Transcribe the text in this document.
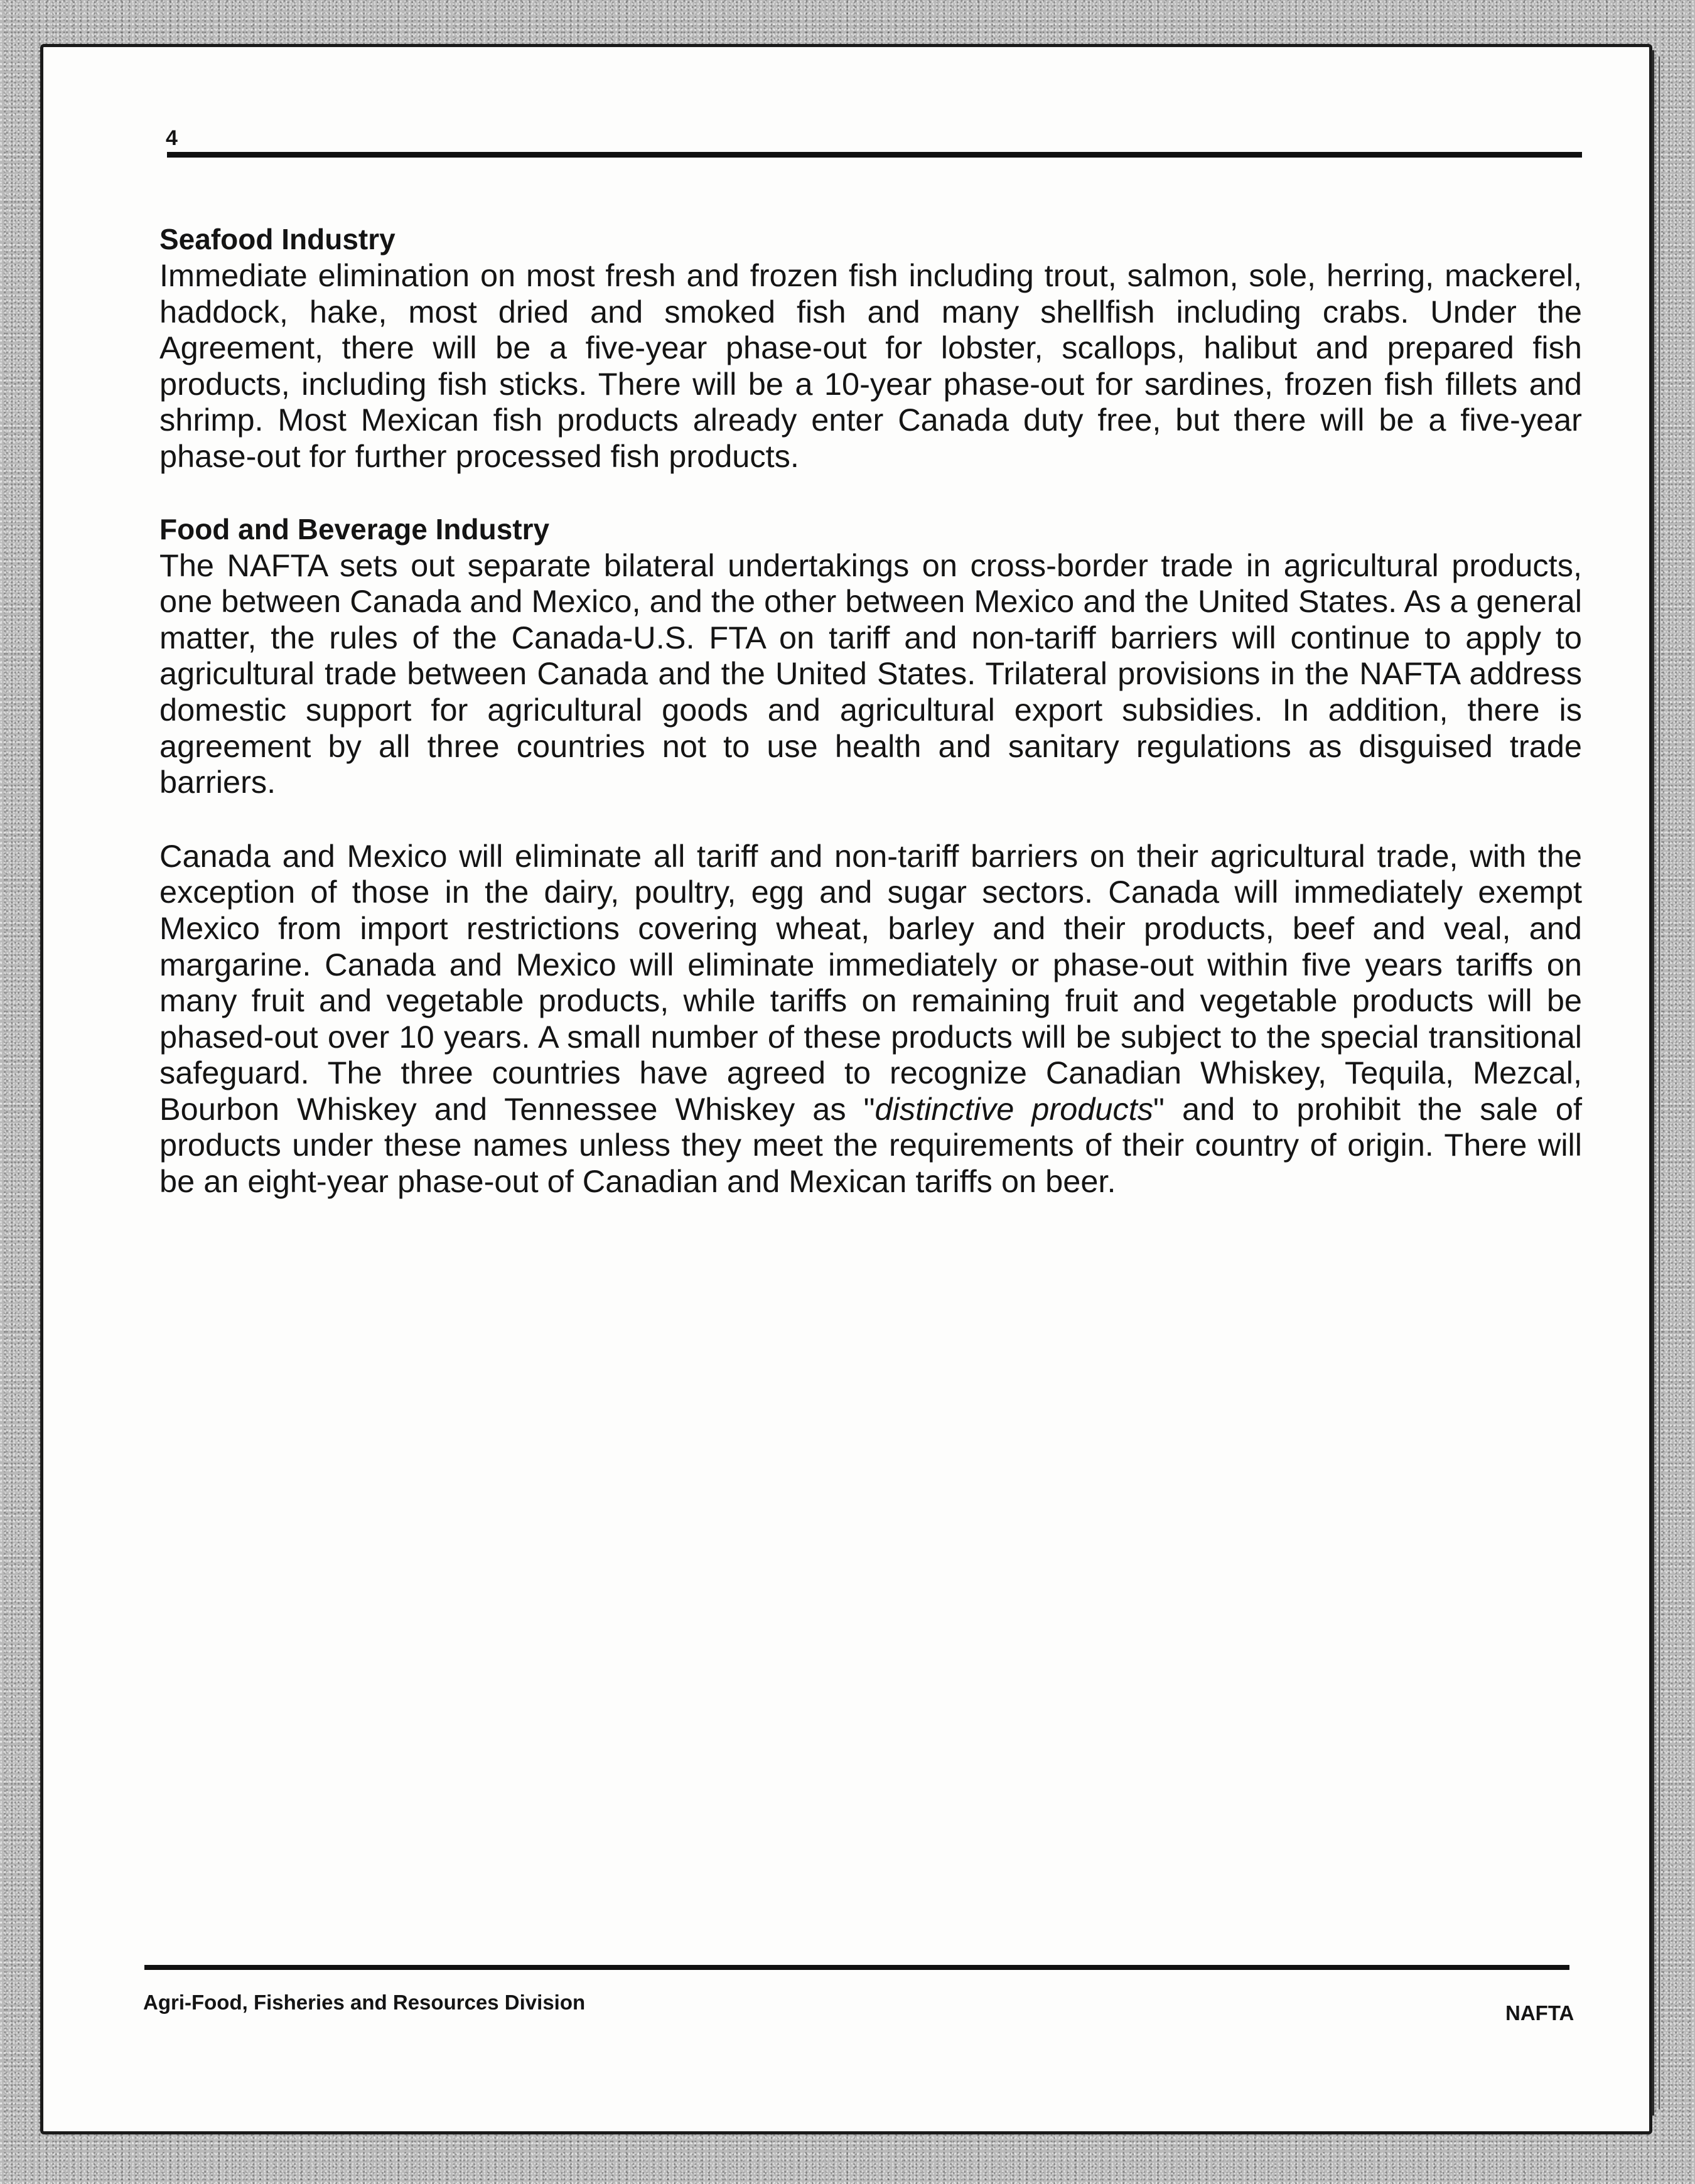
4
Seafood Industry

Immediate elimination on most fresh and frozen fish including trout, salmon, sole, herring, mackerel, haddock, hake, most dried and smoked fish and many shellfish including crabs. Under the Agreement, there will be a five-year phase-out for lobster, scallops, halibut and prepared fish products, including fish sticks. There will be a 10-year phase-out for sardines, frozen fish fillets and shrimp. Most Mexican fish products already enter Canada duty free, but there will be a five-year phase-out for further processed fish products.

Food and Beverage Industry

The NAFTA sets out separate bilateral undertakings on cross-border trade in agricultural products, one between Canada and Mexico, and the other between Mexico and the United States. As a general matter, the rules of the Canada-U.S. FTA on tariff and non-tariff barriers will continue to apply to agricultural trade between Canada and the United States. Trilateral provisions in the NAFTA address domestic support for agricultural goods and agricultural export subsidies. In addition, there is agreement by all three countries not to use health and sanitary regulations as disguised trade barriers.

Canada and Mexico will eliminate all tariff and non-tariff barriers on their agricultural trade, with the exception of those in the dairy, poultry, egg and sugar sectors. Canada will immediately exempt Mexico from import restrictions covering wheat, barley and their products, beef and veal, and margarine. Canada and Mexico will eliminate immediately or phase-out within five years tariffs on many fruit and vegetable products, while tariffs on remaining fruit and vegetable products will be phased-out over 10 years. A small number of these products will be subject to the special transitional safeguard. The three countries have agreed to recognize Canadian Whiskey, Tequila, Mezcal, Bourbon Whiskey and Tennessee Whiskey as "distinctive products" and to prohibit the sale of products under these names unless they meet the requirements of their country of origin. There will be an eight-year phase-out of Canadian and Mexican tariffs on beer.

Agri-Food, Fisheries and Resources Division	NAFTA
